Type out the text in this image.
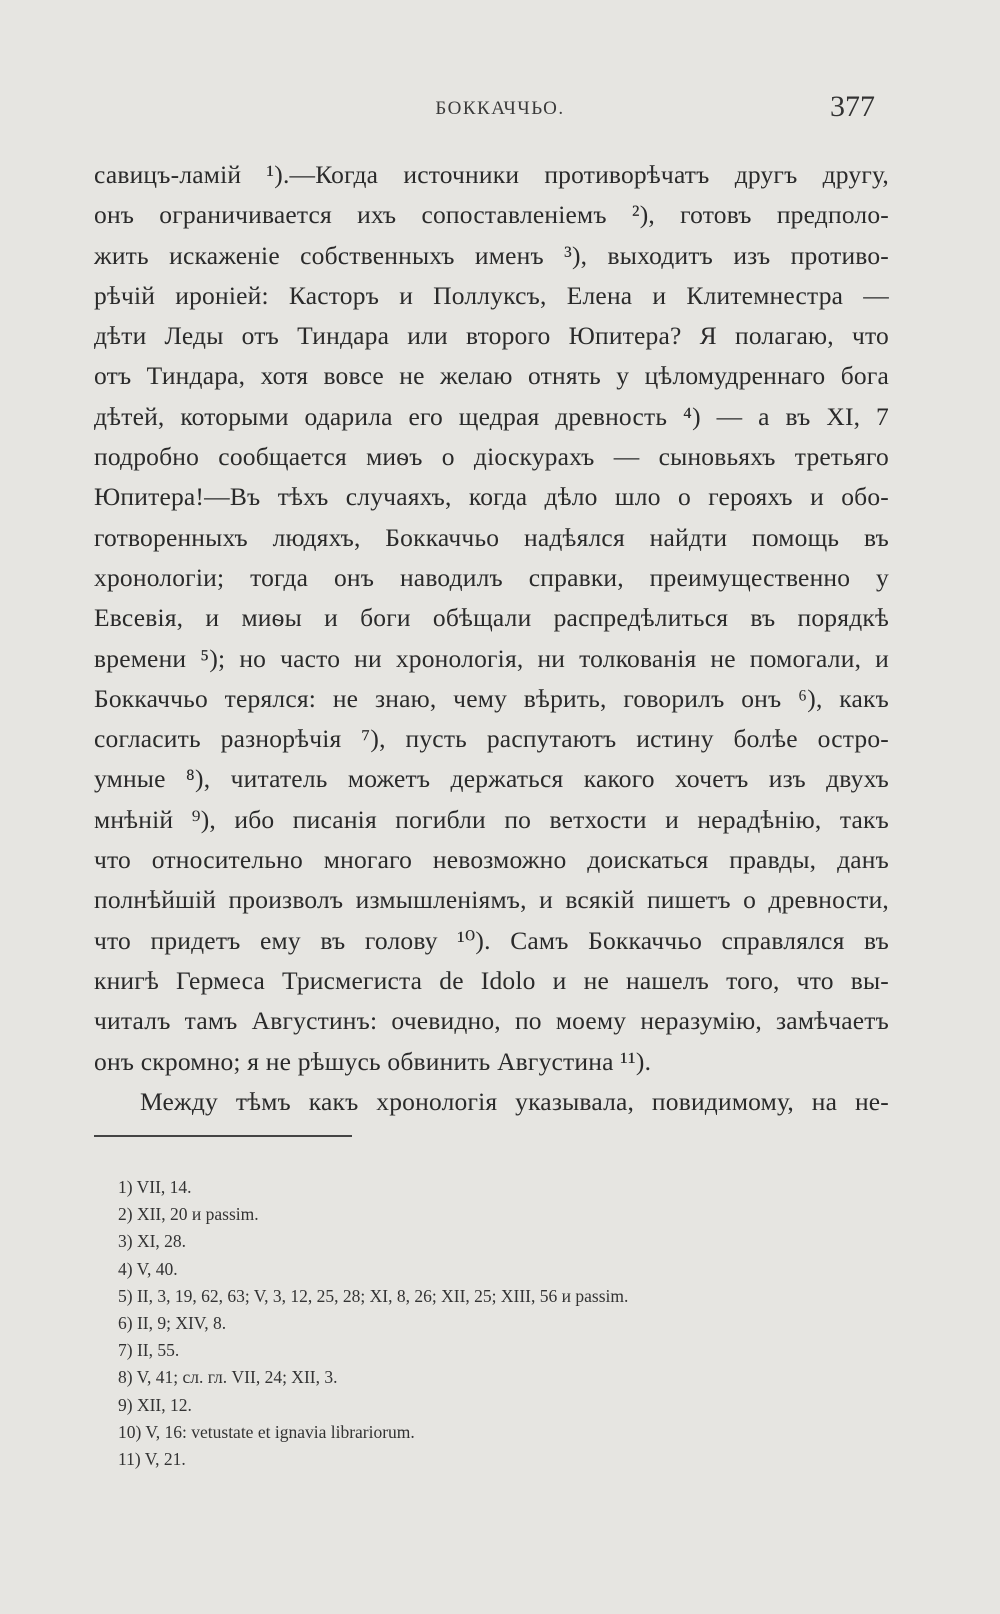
БОККАЧЧЬО.	377
савицъ-ламій ¹).—Когда источники противорѣчатъ другъ другу,
онъ ограничивается ихъ сопоставленіемъ ²), готовъ предполо-
жить искаженіе собственныхъ именъ ³), выходитъ изъ противо-
рѣчій ироніей: Касторъ и Поллуксъ, Елена и Клитемнестра —
дѣти Леды отъ Тиндара или второго Юпитера? Я полагаю, что
отъ Тиндара, хотя вовсе не желаю отнять у цѣломудреннаго бога
дѣтей, которыми одарила его щедрая древность ⁴) — а въ XI, 7
подробно сообщается миѳъ о діоскурахъ — сыновьяхъ третьяго
Юпитера!—Въ тѣхъ случаяхъ, когда дѣло шло о герояхъ и обо-
готворенныхъ людяхъ, Боккаччьо надѣялся найдти помощь въ
хронологіи; тогда онъ наводилъ справки, преимущественно у
Евсевія, и миѳы и боги обѣщали распредѣлиться въ порядкѣ
времени ⁵); но часто ни хронологія, ни толкованія не помогали, и
Боккаччьо терялся: не знаю, чему вѣрить, говорилъ онъ ⁶), какъ
согласить разнорѣчія ⁷), пусть распутаютъ истину болѣе остро-
умные ⁸), читатель можетъ держаться какого хочетъ изъ двухъ
мнѣній ⁹), ибо писанія погибли по ветхости и нерадѣнію, такъ
что относительно многаго невозможно доискаться правды, данъ
полнѣйшій произволъ измышленіямъ, и всякій пишетъ о древности,
что придетъ ему въ голову ¹⁰). Самъ Боккаччьо справлялся въ
книгѣ Гермеса Трисмегиста de Idolo и не нашелъ того, что вы-
читалъ тамъ Августинъ: очевидно, по моему неразумію, замѣчаетъ
онъ скромно; я не рѣшусь обвинить Августина ¹¹).
Между тѣмъ какъ хронологія указывала, повидимому, на не-
1) VII, 14.
2) XII, 20 и passim.
3) XI, 28.
4) V, 40.
5) II, 3, 19, 62, 63; V, 3, 12, 25, 28; XI, 8, 26; XII, 25; XIII, 56 и passim.
6) II, 9; XIV, 8.
7) II, 55.
8) V, 41; сл. гл. VII, 24; XII, 3.
9) XII, 12.
10) V, 16: vetustate et ignavia librariorum.
11) V, 21.
